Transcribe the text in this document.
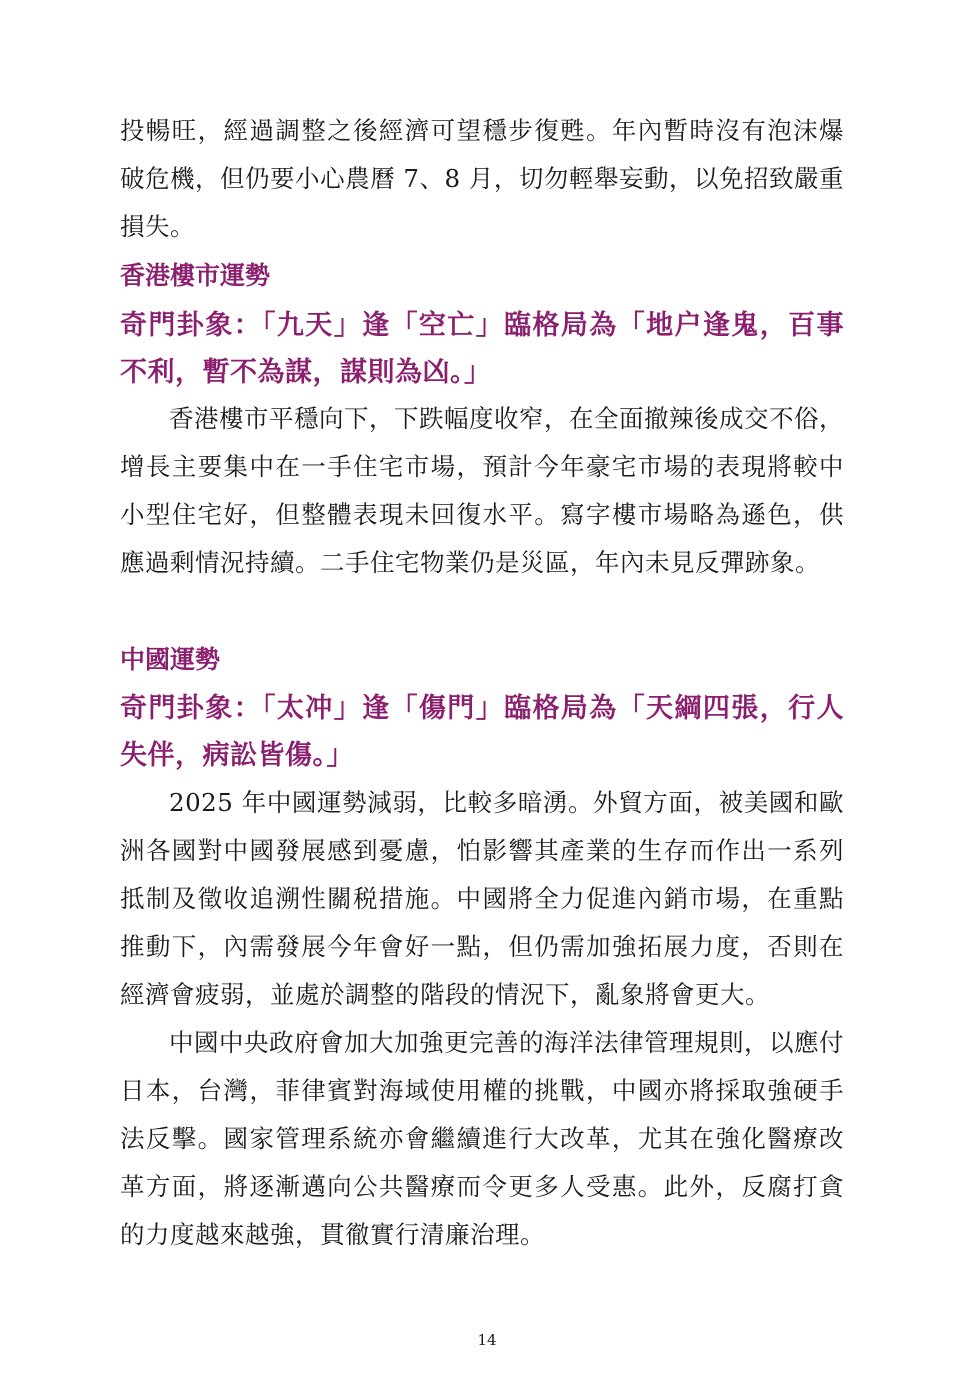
投暢旺，經過調整之後經濟可望穩步復甦。年內暫時沒有泡沫爆破危機，但仍要小心農曆 7、8 月，切勿輕舉妄動，以免招致嚴重損失。

香港樓市運勢

奇門卦象：「九天」逢「空亡」臨格局為「地户逢鬼，百事不利，暫不為謀，謀則為凶。」

香港樓市平穩向下，下跌幅度收窄，在全面撤辣後成交不俗，增長主要集中在一手住宅市場，預計今年豪宅市場的表現將較中小型住宅好，但整體表現未回復水平。寫字樓市場略為遜色，供應過剩情況持續。二手住宅物業仍是災區，年內未見反彈跡象。

中國運勢

奇門卦象：「太冲」逢「傷門」臨格局為「天綱四張，行人失伴，病訟皆傷。」

2025 年中國運勢減弱，比較多暗湧。外貿方面，被美國和歐洲各國對中國發展感到憂慮，怕影響其產業的生存而作出一系列抵制及徵收追溯性關税措施。中國將全力促進內銷市場，在重點推動下，內需發展今年會好一點，但仍需加強拓展力度，否則在經濟會疲弱，並處於調整的階段的情況下，亂象將會更大。

中國中央政府會加大加強更完善的海洋法律管理規則，以應付日本，台灣，菲律賓對海域使用權的挑戰，中國亦將採取強硬手法反擊。國家管理系統亦會繼續進行大改革，尤其在強化醫療改革方面，將逐漸邁向公共醫療而令更多人受惠。此外，反腐打貪的力度越來越強，貫徹實行清廉治理。

14
